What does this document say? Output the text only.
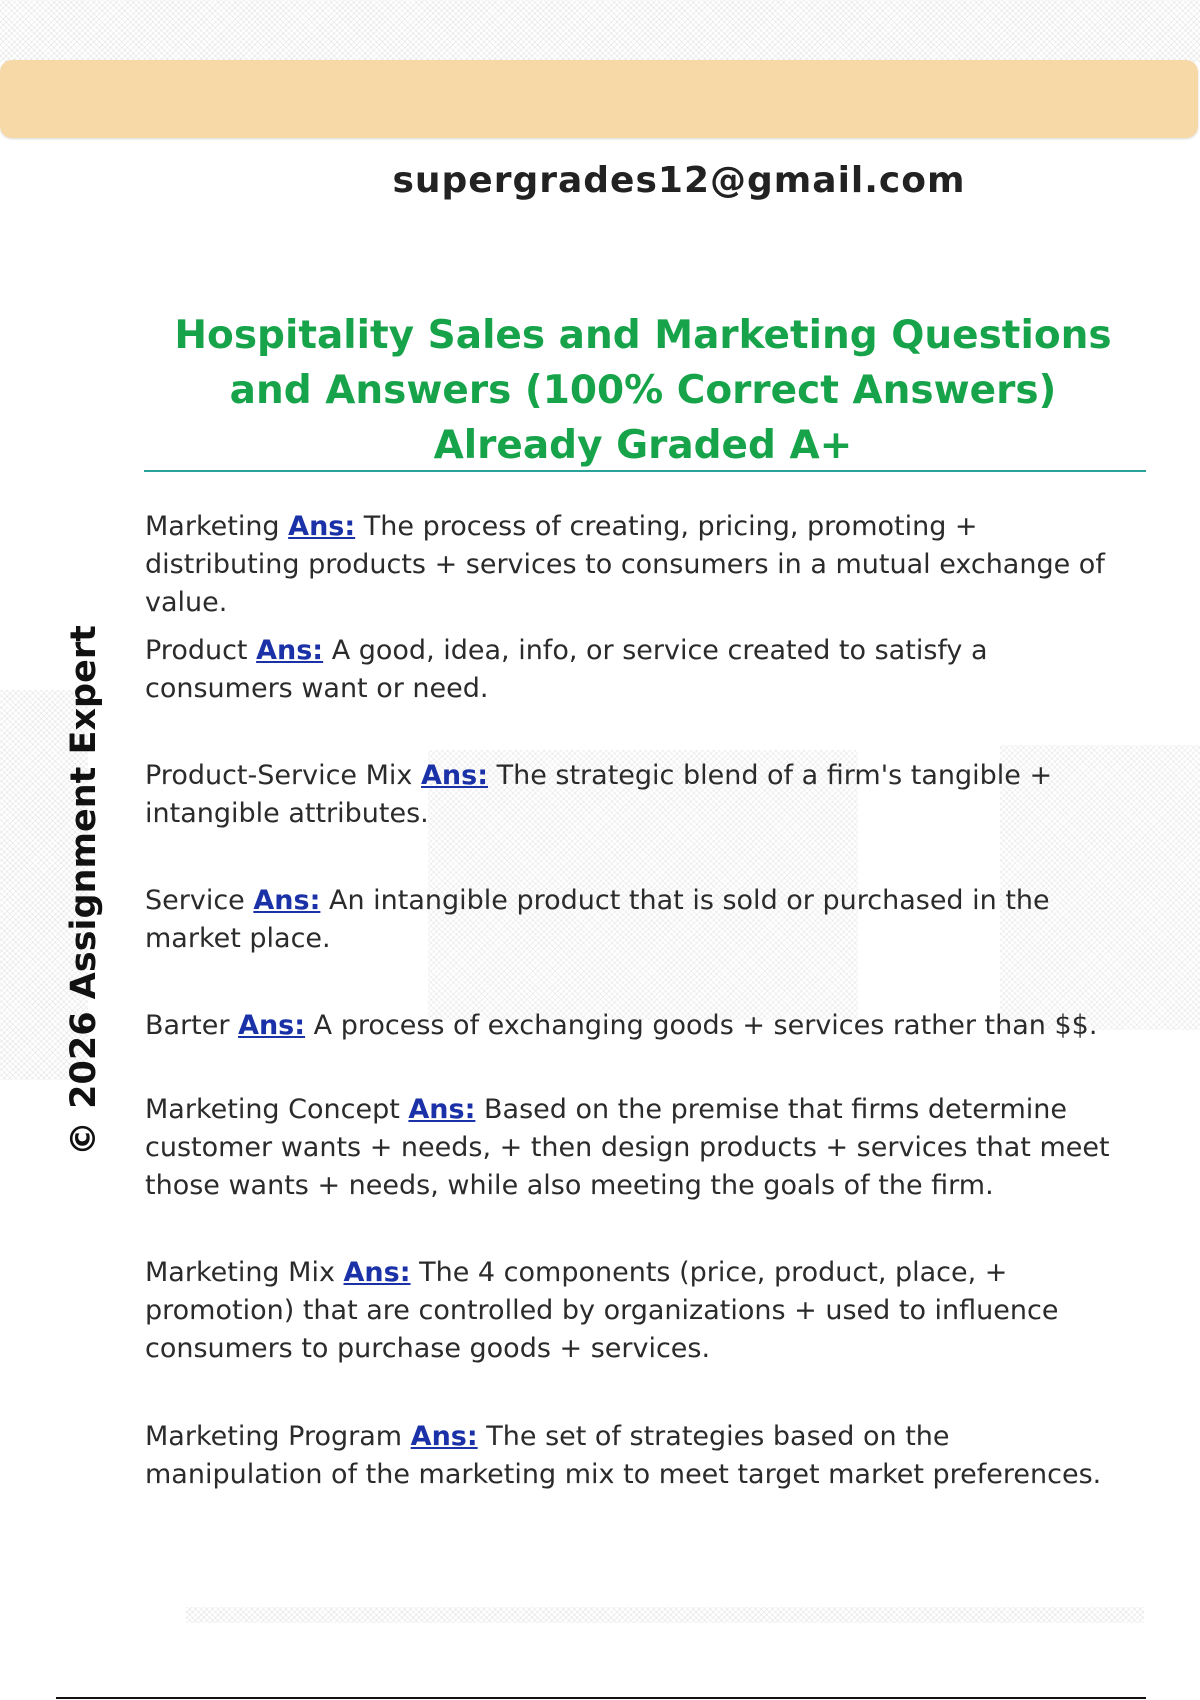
supergrades12@gmail.com
© 2026 Assignment Expert
Hospitality Sales and Marketing Questions and Answers (100% Correct Answers) Already Graded A+
Marketing Ans: The process of creating, pricing, promoting + distributing products + services to consumers in a mutual exchange of value.
Product Ans: A good, idea, info, or service created to satisfy a consumers want or need.
Product-Service Mix Ans: The strategic blend of a firm's tangible + intangible attributes.
Service Ans: An intangible product that is sold or purchased in the market place.
Barter Ans: A process of exchanging goods + services rather than $$.
Marketing Concept Ans: Based on the premise that firms determine customer wants + needs, + then design products + services that meet those wants + needs, while also meeting the goals of the firm.
Marketing Mix Ans: The 4 components (price, product, place, + promotion) that are controlled by organizations + used to influence consumers to purchase goods + services.
Marketing Program Ans: The set of strategies based on the manipulation of the marketing mix to meet target market preferences.
